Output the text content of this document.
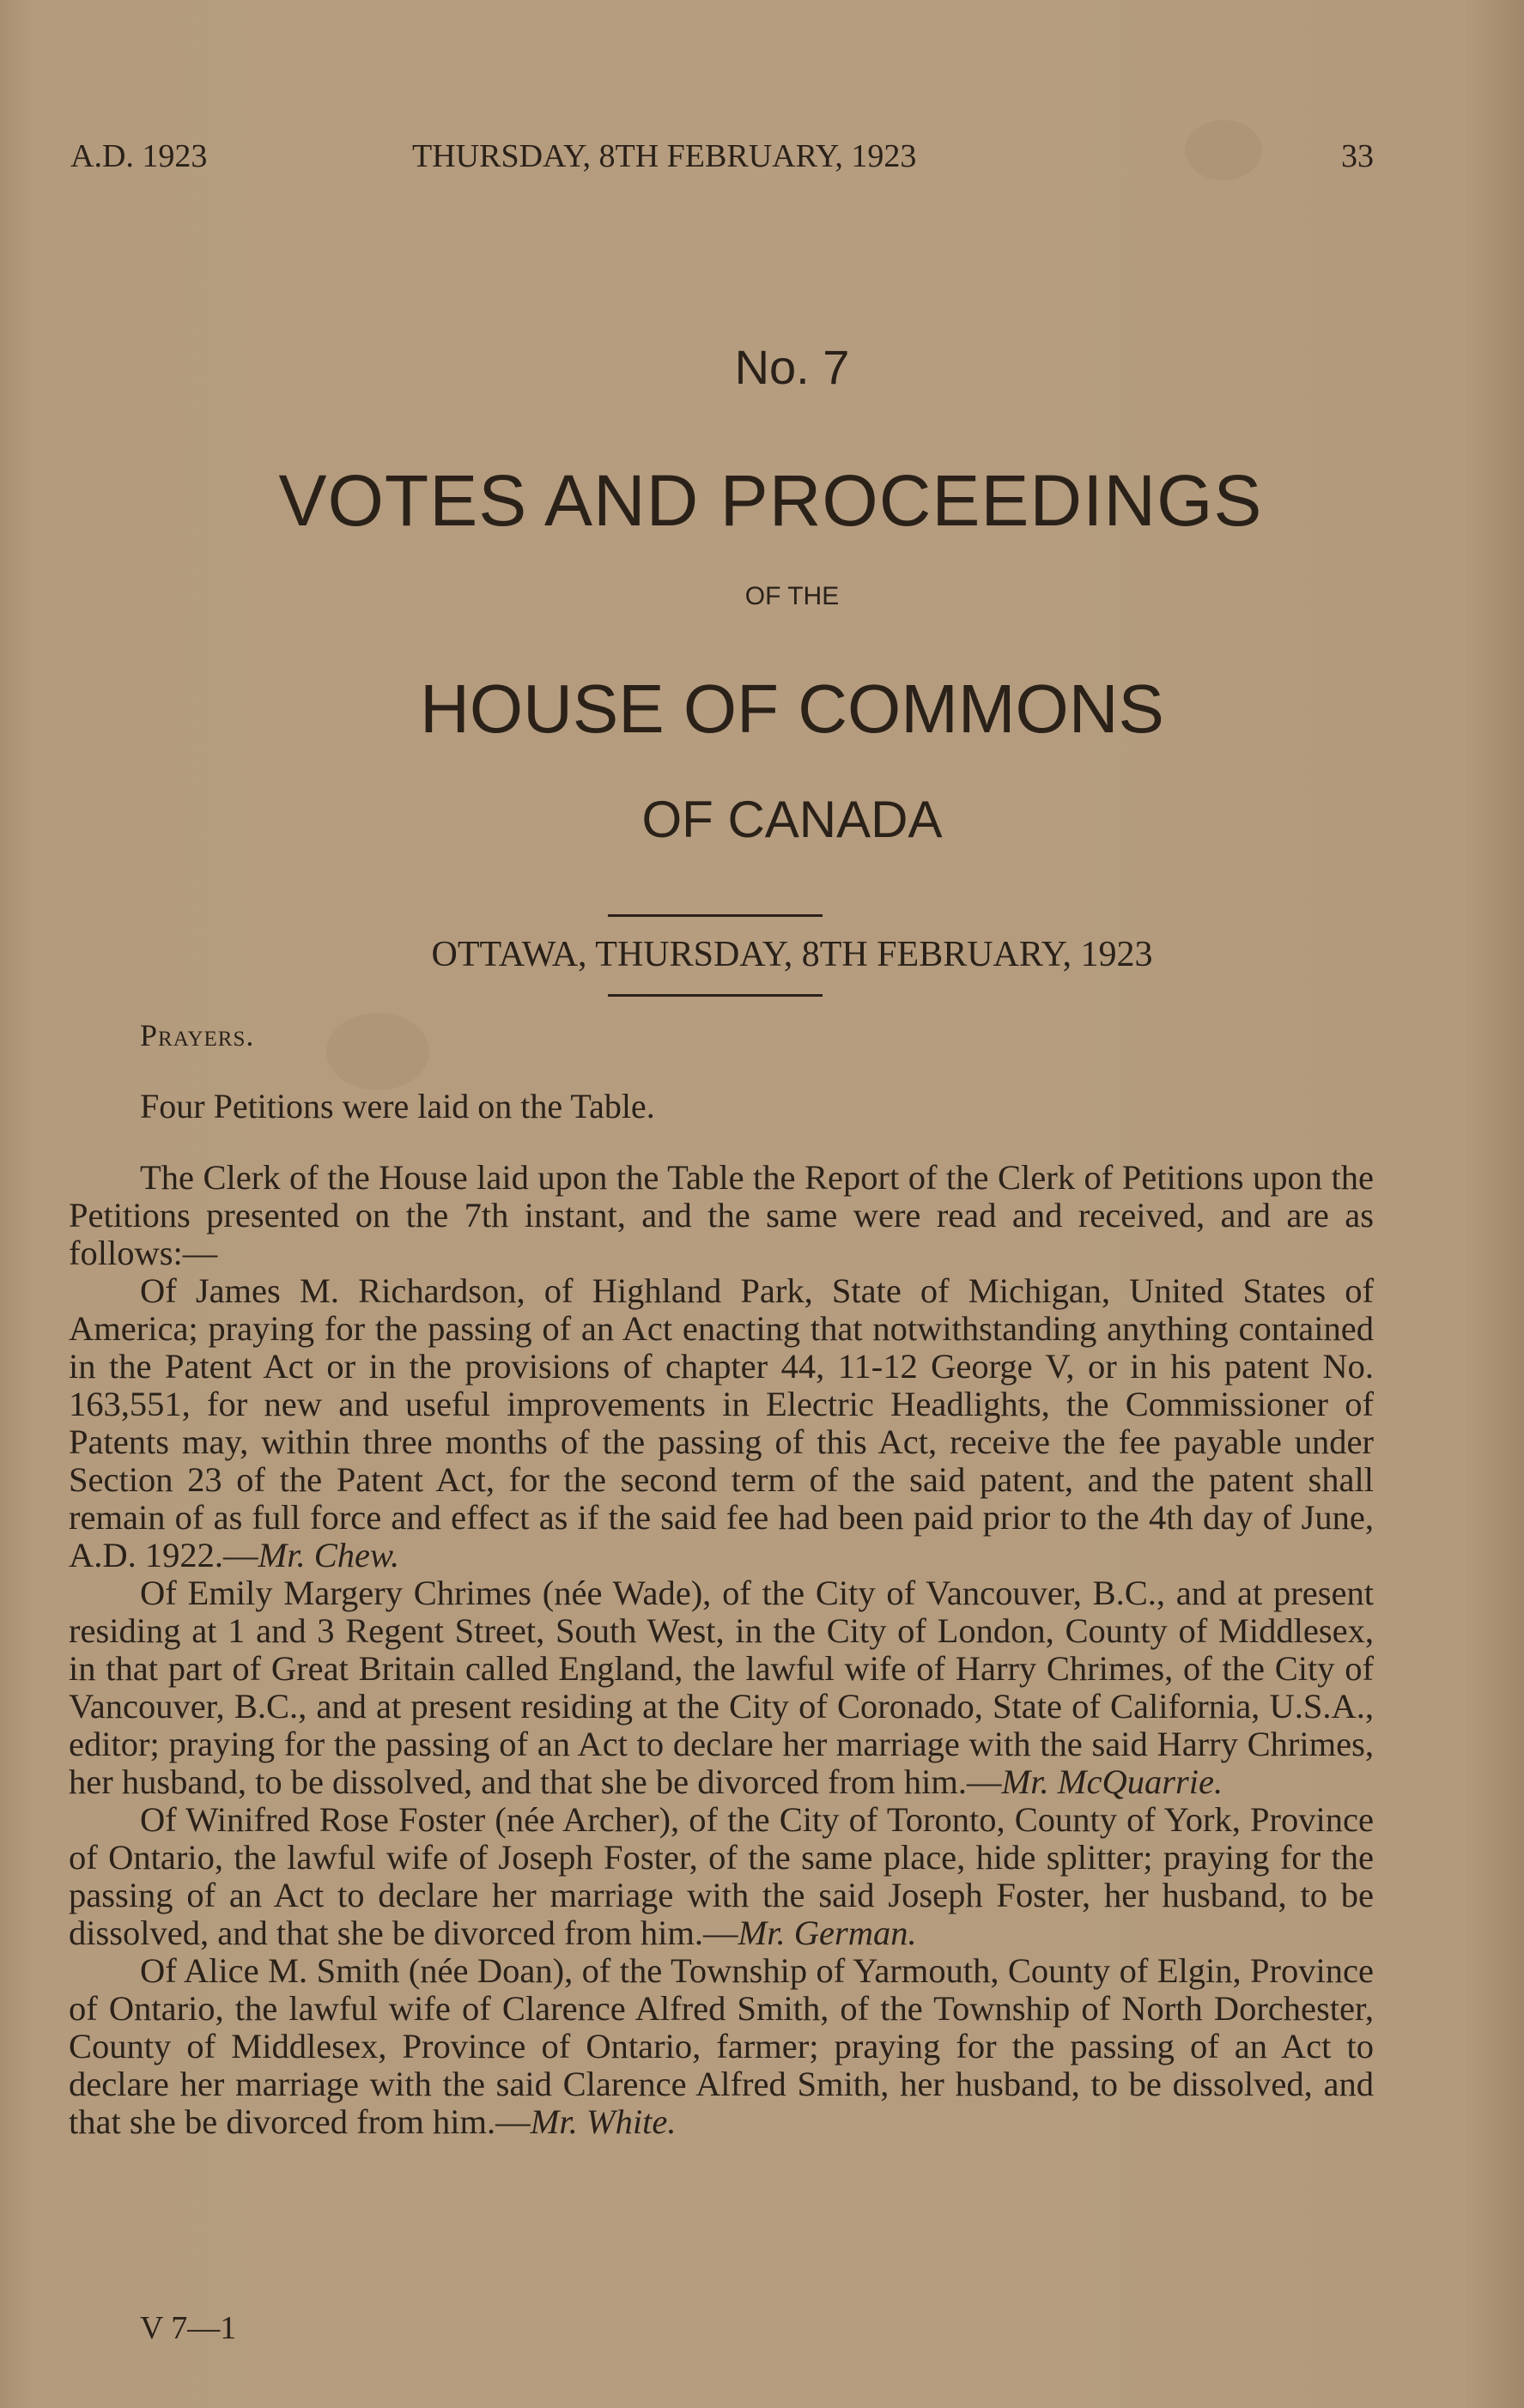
A.D. 1923	THURSDAY, 8TH FEBRUARY, 1923	33
No. 7
VOTES AND PROCEEDINGS
OF THE
HOUSE OF COMMONS
OF CANADA
OTTAWA, THURSDAY, 8TH FEBRUARY, 1923
Prayers.
Four Petitions were laid on the Table.

The Clerk of the House laid upon the Table the Report of the Clerk of Petitions upon the Petitions presented on the 7th instant, and the same were read and received, and are as follows:—

Of James M. Richardson, of Highland Park, State of Michigan, United States of America; praying for the passing of an Act enacting that notwithstanding anything contained in the Patent Act or in the provisions of chapter 44, 11-12 George V, or in his patent No. 163,551, for new and useful improvements in Electric Headlights, the Commissioner of Patents may, within three months of the passing of this Act, receive the fee payable under Section 23 of the Patent Act, for the second term of the said patent, and the patent shall remain of as full force and effect as if the said fee had been paid prior to the 4th day of June, A.D. 1922.—Mr. Chew.

Of Emily Margery Chrimes (née Wade), of the City of Vancouver, B.C., and at present residing at 1 and 3 Regent Street, South West, in the City of London, County of Middlesex, in that part of Great Britain called England, the lawful wife of Harry Chrimes, of the City of Vancouver, B.C., and at present residing at the City of Coronado, State of California, U.S.A., editor; praying for the passing of an Act to declare her marriage with the said Harry Chrimes, her husband, to be dissolved, and that she be divorced from him.—Mr. McQuarrie.

Of Winifred Rose Foster (née Archer), of the City of Toronto, County of York, Province of Ontario, the lawful wife of Joseph Foster, of the same place, hide splitter; praying for the passing of an Act to declare her marriage with the said Joseph Foster, her husband, to be dissolved, and that she be divorced from him.—Mr. German.

Of Alice M. Smith (née Doan), of the Township of Yarmouth, County of Elgin, Province of Ontario, the lawful wife of Clarence Alfred Smith, of the Township of North Dorchester, County of Middlesex, Province of Ontario, farmer; praying for the passing of an Act to declare her marriage with the said Clarence Alfred Smith, her husband, to be dissolved, and that she be divorced from him.—Mr. White.

V 7—1
